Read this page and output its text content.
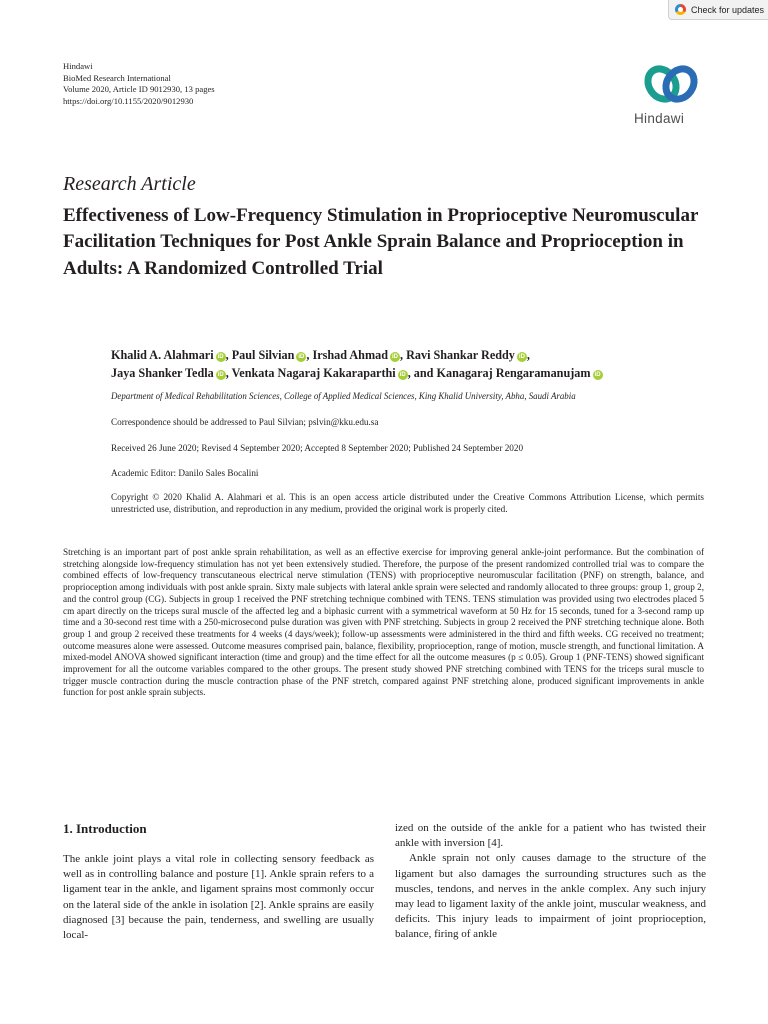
Check for updates
Hindawi
BioMed Research International
Volume 2020, Article ID 9012930, 13 pages
https://doi.org/10.1155/2020/9012930
Hindawi
Research Article
Effectiveness of Low-Frequency Stimulation in Proprioceptive Neuromuscular Facilitation Techniques for Post Ankle Sprain Balance and Proprioception in Adults: A Randomized Controlled Trial
Khalid A. Alahmari iD , Paul Silvian iD , Irshad Ahmad iD , Ravi Shankar Reddy iD ,
Jaya Shanker Tedla iD , Venkata Nagaraj Kakaraparthi iD , and Kanagaraj Rengaramanujam iD
Department of Medical Rehabilitation Sciences, College of Applied Medical Sciences, King Khalid University, Abha, Saudi Arabia
Correspondence should be addressed to Paul Silvian; pslvin@kku.edu.sa
Received 26 June 2020; Revised 4 September 2020; Accepted 8 September 2020; Published 24 September 2020
Academic Editor: Danilo Sales Bocalini
Copyright © 2020 Khalid A. Alahmari et al. This is an open access article distributed under the Creative Commons Attribution License, which permits unrestricted use, distribution, and reproduction in any medium, provided the original work is properly cited.
Stretching is an important part of post ankle sprain rehabilitation, as well as an effective exercise for improving general ankle-joint performance. But the combination of stretching alongside low-frequency stimulation has not yet been extensively studied. Therefore, the purpose of the present randomized controlled trial was to compare the combined effects of low-frequency transcutaneous electrical nerve stimulation (TENS) with proprioceptive neuromuscular facilitation (PNF) on strength, balance, and proprioception among individuals with post ankle sprain. Sixty male subjects with lateral ankle sprain were selected and randomly allocated to three groups: group 1, group 2, and the control group (CG). Subjects in group 1 received the PNF stretching technique combined with TENS. TENS stimulation was provided using two electrodes placed 5 cm apart directly on the triceps sural muscle of the affected leg and a biphasic current with a symmetrical waveform at 50 Hz for 15 seconds, tuned for a 3-second ramp up time and a 30-second rest time with a 250-microsecond pulse duration was given with PNF stretching. Subjects in group 2 received the PNF stretching technique alone. Both group 1 and group 2 received these treatments for 4 weeks (4 days/week); follow-up assessments were administered in the third and fifth weeks. CG received no treatment; outcome measures alone were assessed. Outcome measures comprised pain, balance, flexibility, proprioception, range of motion, muscle strength, and functional limitation. A mixed-model ANOVA showed significant interaction (time and group) and the time effect for all the outcome measures (p ≤ 0.05). Group 1 (PNF-TENS) showed significant improvement for all the outcome variables compared to the other groups. The present study showed PNF stretching combined with TENS for the triceps sural muscle to trigger muscle contraction during the muscle contraction phase of the PNF stretch, compared against PNF stretching alone, produced significant improvements in ankle function for post ankle sprain subjects.
1. Introduction

The ankle joint plays a vital role in collecting sensory feedback as well as in controlling balance and posture [1]. Ankle sprain refers to a ligament tear in the ankle, and ligament sprains most commonly occur on the lateral side of the ankle in isolation [2]. Ankle sprains are easily diagnosed [3] because the pain, tenderness, and swelling are usually local-

ized on the outside of the ankle for a patient who has twisted their ankle with inversion [4].

Ankle sprain not only causes damage to the structure of the ligament but also damages the surrounding structures such as the muscles, tendons, and nerves in the ankle complex. Any such injury may lead to ligament laxity of the ankle joint, muscular weakness, and deficits. This injury leads to impairment of joint proprioception, balance, firing of ankle
